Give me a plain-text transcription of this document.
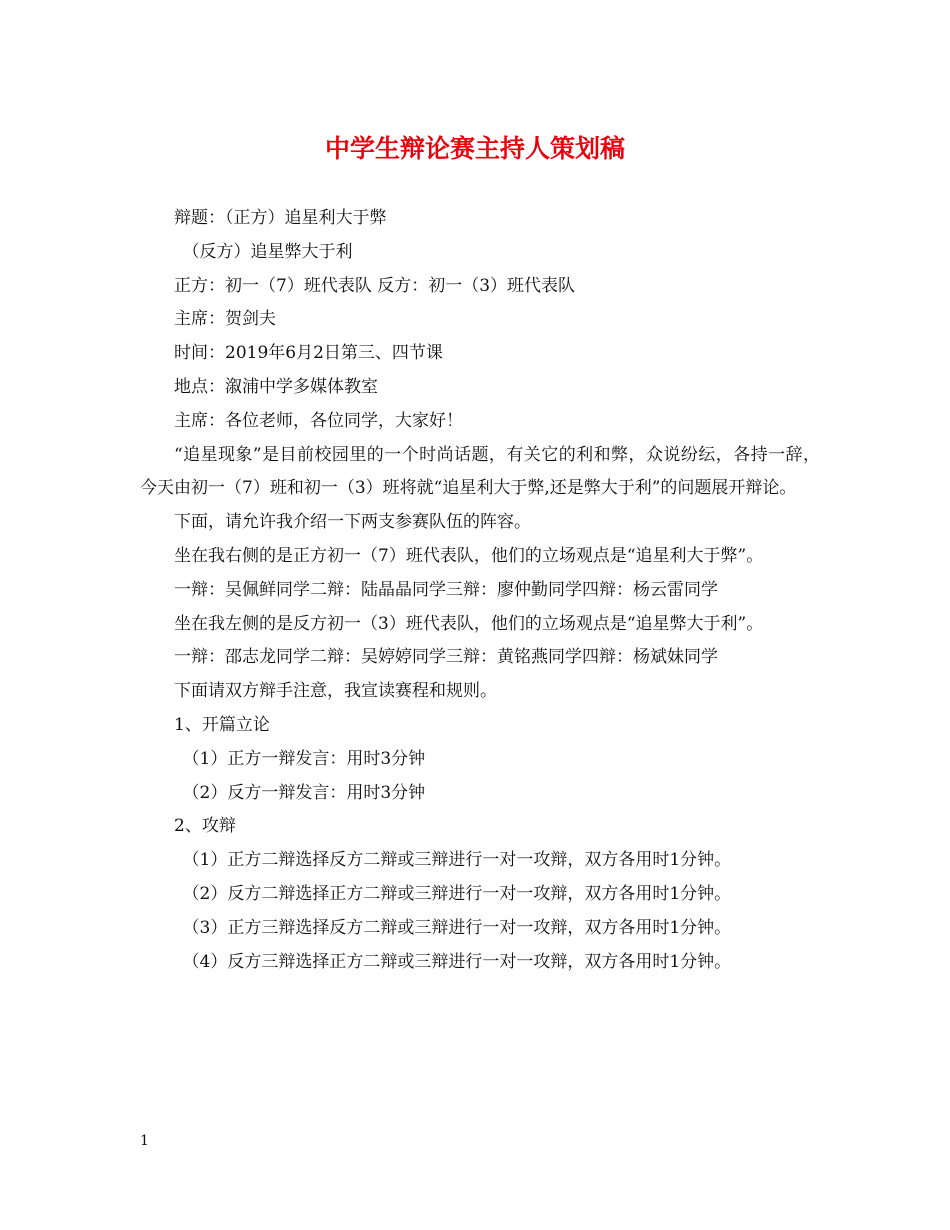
中学生辩论赛主持人策划稿

辩题：（正方）追星利大于弊

（反方）追星弊大于利

正方：初一（7）班代表队 反方：初一（3）班代表队

主席：贺剑夫

时间：2019年6月2日第三、四节课

地点：溆浦中学多媒体教室

主席：各位老师，各位同学，大家好！

“追星现象”是目前校园里的一个时尚话题，有关它的利和弊，众说纷纭，各持一辞，今天由初一（7）班和初一（3）班将就“追星利大于弊,还是弊大于利”的问题展开辩论。

下面，请允许我介绍一下两支参赛队伍的阵容。

坐在我右侧的是正方初一（7）班代表队，他们的立场观点是“追星利大于弊”。

一辩：吴佩鲜同学二辩：陆晶晶同学三辩：廖仲勤同学四辩：杨云雷同学

坐在我左侧的是反方初一（3）班代表队，他们的立场观点是“追星弊大于利”。

一辩：邵志龙同学二辩：吴婷婷同学三辩：黄铭燕同学四辩：杨斌妹同学

下面请双方辩手注意，我宣读赛程和规则。

1、开篇立论

（1）正方一辩发言：用时3分钟

（2）反方一辩发言：用时3分钟

2、攻辩

（1）正方二辩选择反方二辩或三辩进行一对一攻辩，双方各用时1分钟。

（2）反方二辩选择正方二辩或三辩进行一对一攻辩，双方各用时1分钟。

（3）正方三辩选择反方二辩或三辩进行一对一攻辩，双方各用时1分钟。

（4）反方三辩选择正方二辩或三辩进行一对一攻辩，双方各用时1分钟。

1
